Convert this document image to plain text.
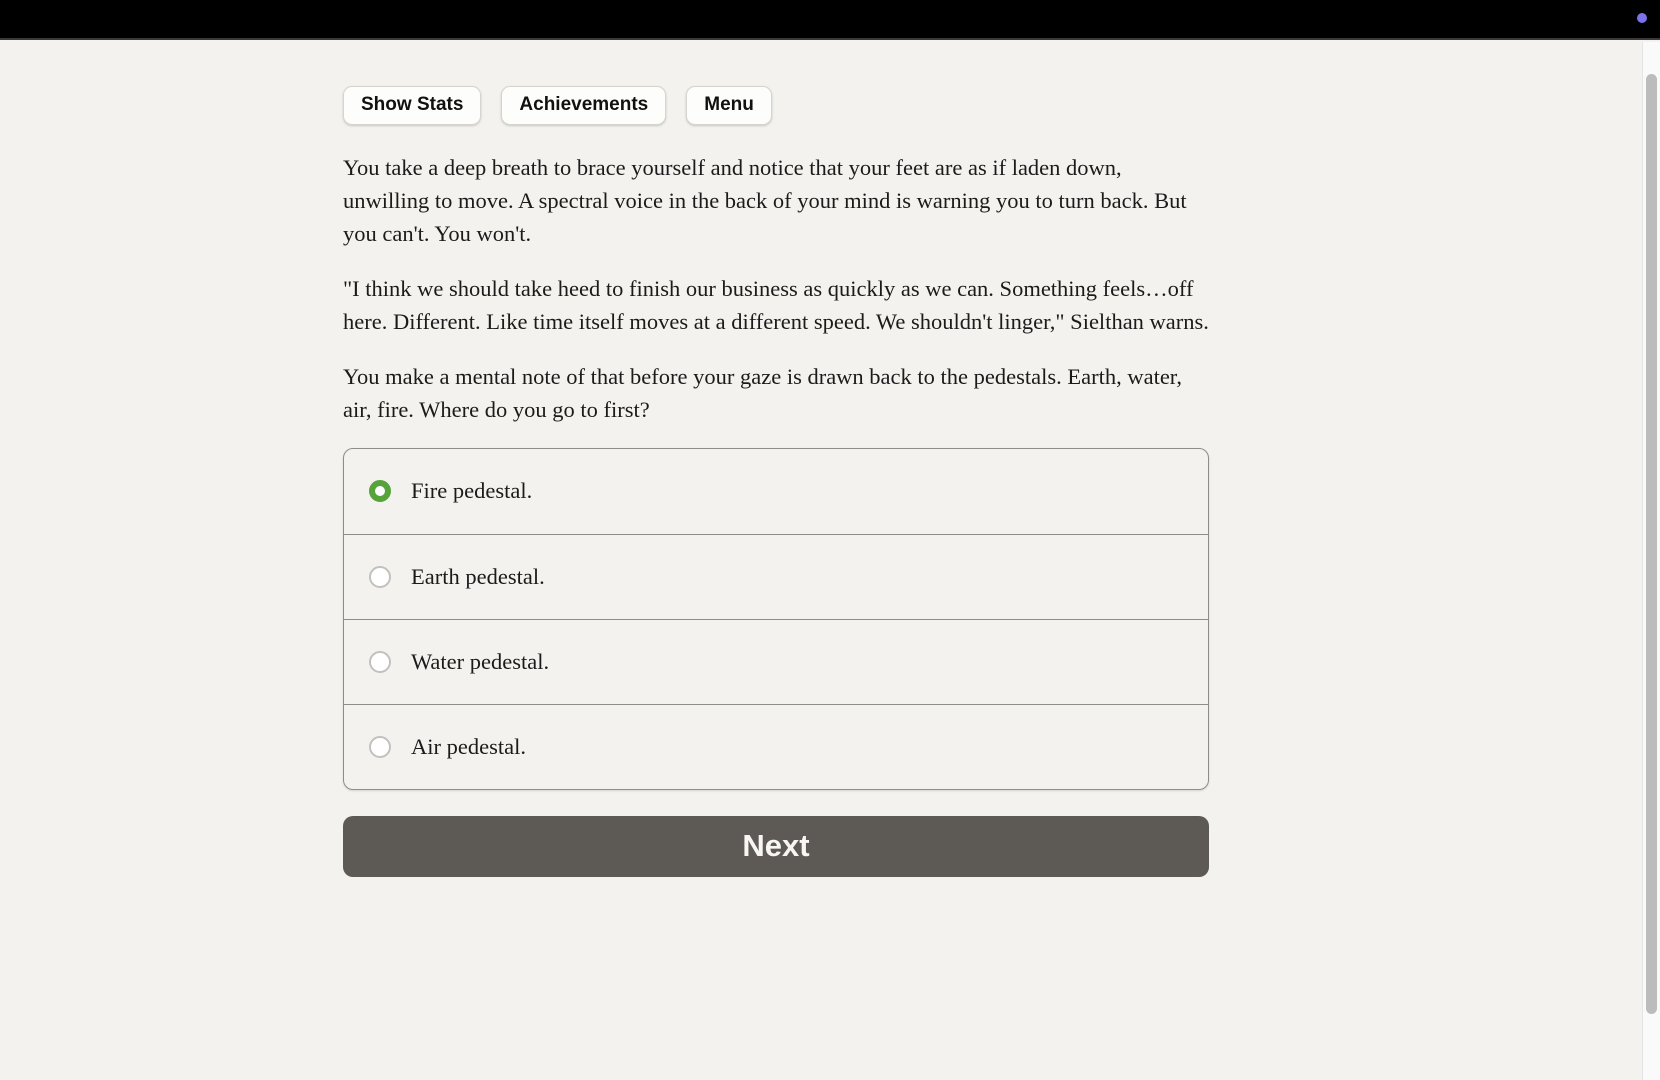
Show Stats	Achievements	Menu

You take a deep breath to brace yourself and notice that your feet are as if laden down, unwilling to move. A spectral voice in the back of your mind is warning you to turn back. But you can't. You won't.

"I think we should take heed to finish our business as quickly as we can. Something feels…off here. Different. Like time itself moves at a different speed. We shouldn't linger," Sielthan warns.

You make a mental note of that before your gaze is drawn back to the pedestals. Earth, water, air, fire. Where do you go to first?

Fire pedestal.
Earth pedestal.
Water pedestal.
Air pedestal.
Next
